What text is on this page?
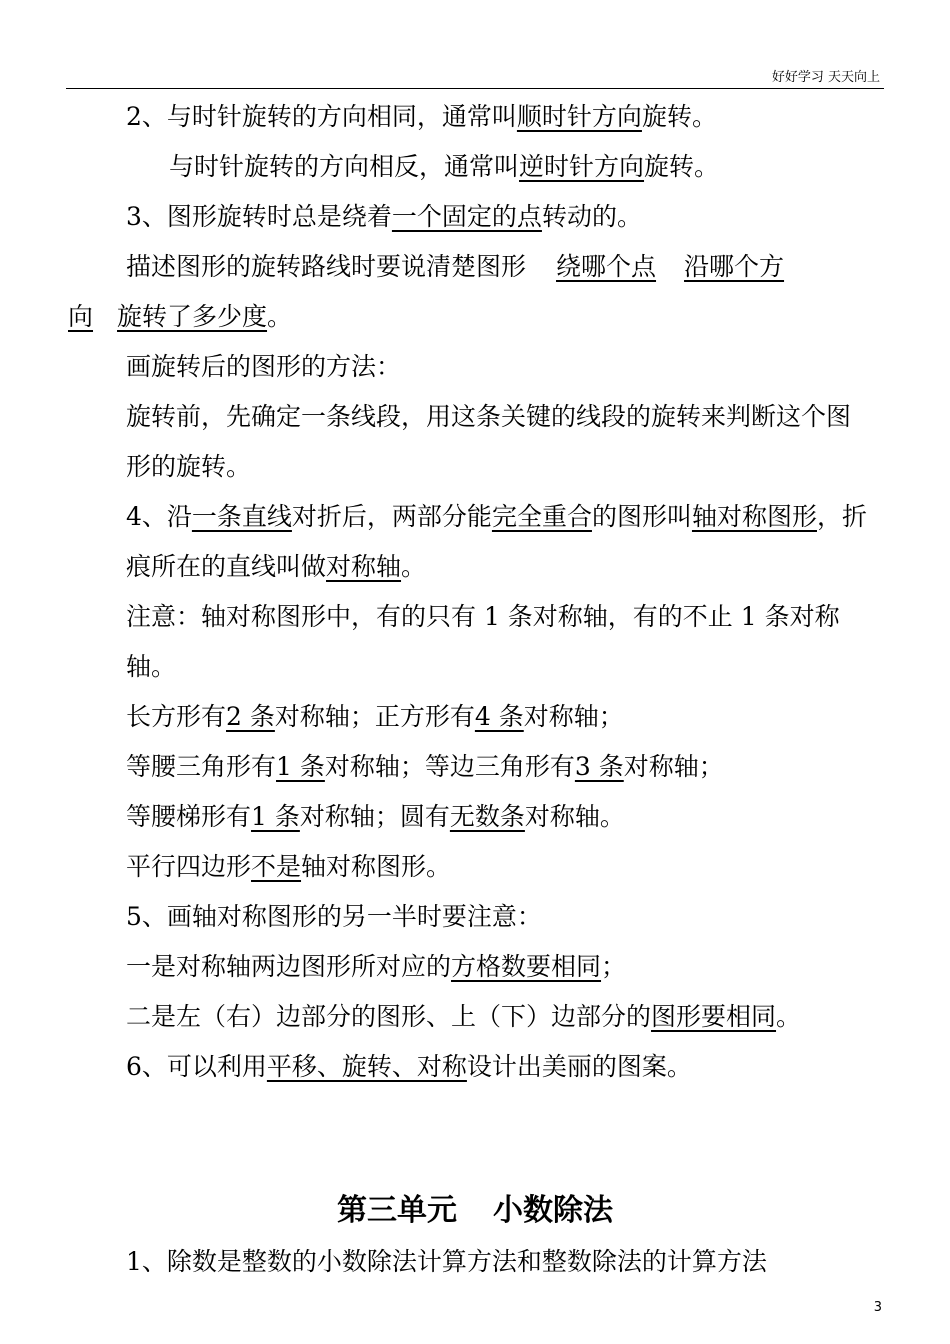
好好学习 天天向上

2、与时针旋转的方向相同，通常叫顺时针方向旋转。

与时针旋转的方向相反，通常叫逆时针方向旋转。

3、图形旋转时总是绕着一个固定的点转动的。

描述图形的旋转路线时要说清楚图形 绕哪个点 沿哪个方

向 旋转了多少度。

画旋转后的图形的方法：

旋转前，先确定一条线段，用这条关键的线段的旋转来判断这个图形的旋转。

4、沿一条直线对折后，两部分能完全重合的图形叫轴对称图形，折痕所在的直线叫做对称轴。

注意：轴对称图形中，有的只有 1 条对称轴，有的不止 1 条对称轴。

长方形有2 条对称轴；正方形有4 条对称轴；

等腰三角形有1 条对称轴；等边三角形有3 条对称轴；

等腰梯形有1 条对称轴；圆有无数条对称轴。

平行四边形不是轴对称图形。

5、画轴对称图形的另一半时要注意：

一是对称轴两边图形所对应的方格数要相同；

二是左（右）边部分的图形、上（下）边部分的图形要相同。

6、可以利用平移、旋转、对称设计出美丽的图案。

第三单元 小数除法
1、除数是整数的小数除法计算方法和整数除法的计算方法
3
